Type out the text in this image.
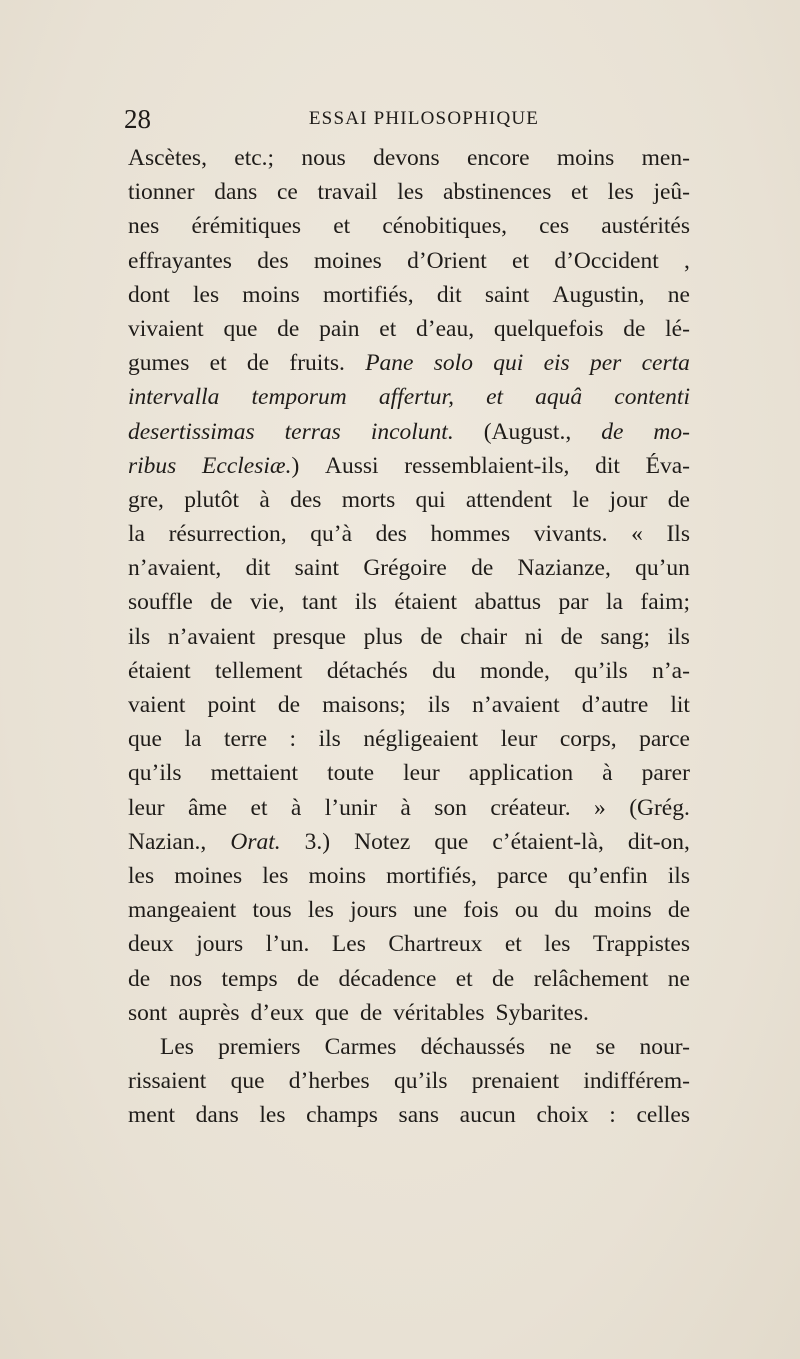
28	ESSAI PHILOSOPHIQUE
Ascètes, etc.; nous devons encore moins men-
tionner dans ce travail les abstinences et les jeû-
nes érémitiques et cénobitiques, ces austérités
effrayantes des moines d’Orient et d’Occident ,
dont les moins mortifiés, dit saint Augustin, ne
vivaient que de pain et d’eau, quelquefois de lé-
gumes et de fruits. Pane solo qui eis per certa
intervalla temporum affertur, et aquâ contenti
desertissimas terras incolunt. (August., de mo-
ribus Ecclesiæ.) Aussi ressemblaient-ils, dit Éva-
gre, plutôt à des morts qui attendent le jour de
la résurrection, qu’à des hommes vivants. « Ils
n’avaient, dit saint Grégoire de Nazianze, qu’un
souffle de vie, tant ils étaient abattus par la faim;
ils n’avaient presque plus de chair ni de sang; ils
étaient tellement détachés du monde, qu’ils n’a-
vaient point de maisons; ils n’avaient d’autre lit
que la terre : ils négligeaient leur corps, parce
qu’ils mettaient toute leur application à parer
leur âme et à l’unir à son créateur. » (Grég.
Nazian., Orat. 3.) Notez que c’étaient-là, dit-on,
les moines les moins mortifiés, parce qu’enfin ils
mangeaient tous les jours une fois ou du moins de
deux jours l’un. Les Chartreux et les Trappistes
de nos temps de décadence et de relâchement ne
sont auprès d’eux que de véritables Sybarites.
Les premiers Carmes déchaussés ne se nour-
rissaient que d’herbes qu’ils prenaient indifférem-
ment dans les champs sans aucun choix : celles
